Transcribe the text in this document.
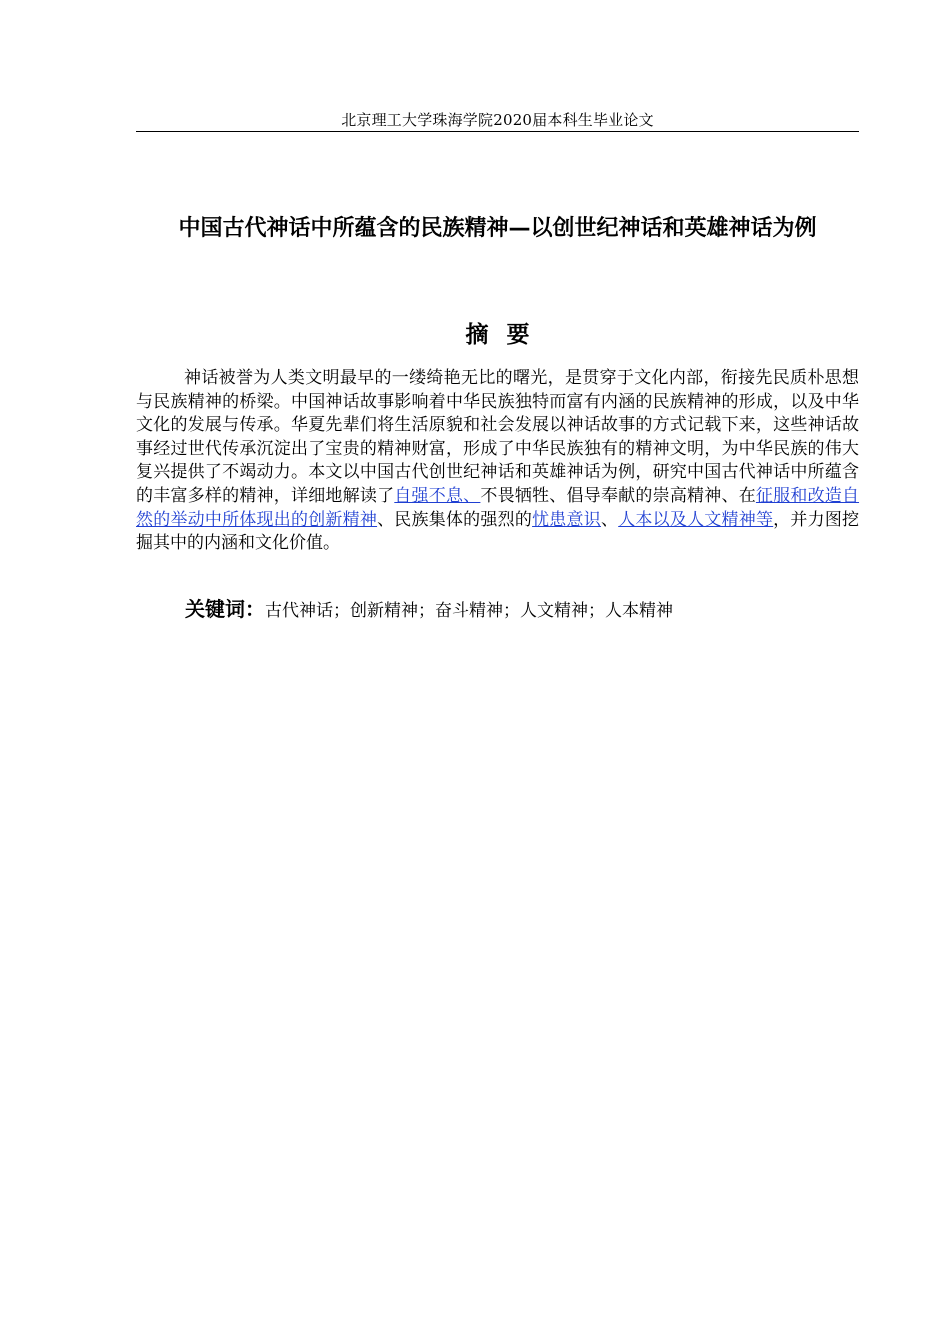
北京理工大学珠海学院2020届本科生毕业论文
中国古代神话中所蕴含的民族精神—以创世纪神话和英雄神话为例
摘要

神话被誉为人类文明最早的一缕绮艳无比的曙光，是贯穿于文化内部，衔接先民质朴思想与民族精神的桥梁。中国神话故事影响着中华民族独特而富有内涵的民族精神的形成，以及中华文化的发展与传承。华夏先辈们将生活原貌和社会发展以神话故事的方式记载下来，这些神话故事经过世代传承沉淀出了宝贵的精神财富，形成了中华民族独有的精神文明，为中华民族的伟大复兴提供了不竭动力。本文以中国古代创世纪神话和英雄神话为例，研究中国古代神话中所蕴含的丰富多样的精神，详细地解读了自强不息、不畏牺牲、倡导奉献的崇高精神、在征服和改造自然的举动中所体现出的创新精神、民族集体的强烈的忧患意识、人本以及人文精神等，并力图挖掘其中的内涵和文化价值。

关键词：古代神话；创新精神；奋斗精神；人文精神；人本精神
